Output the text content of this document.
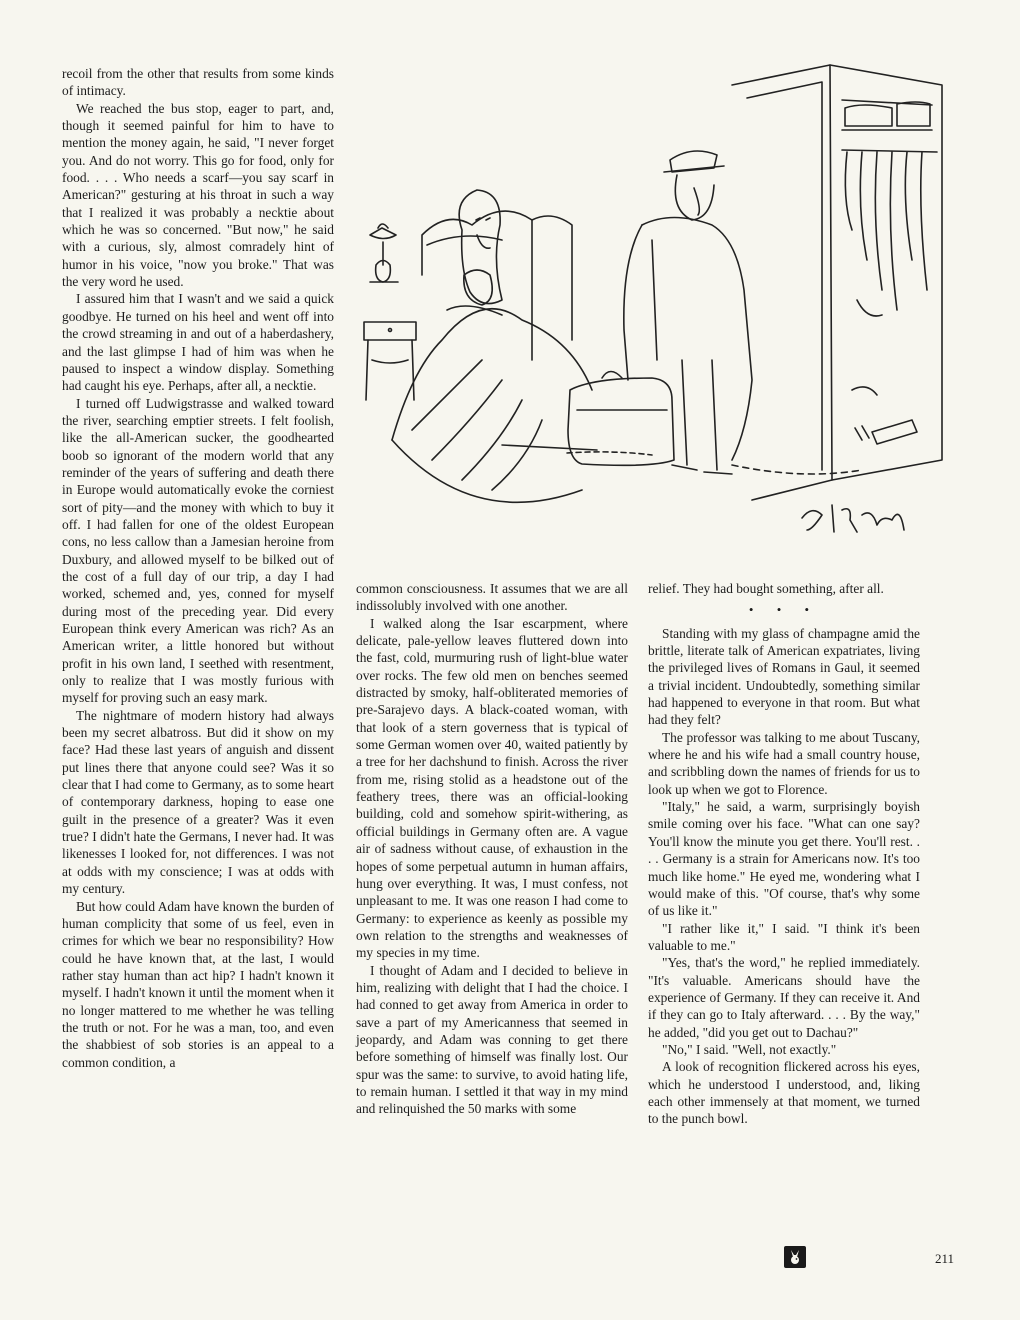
recoil from the other that results from some kinds of intimacy.

We reached the bus stop, eager to part, and, though it seemed painful for him to have to mention the money again, he said, "I never forget you. And do not worry. This go for food, only for food. . . . Who needs a scarf—you say scarf in American?" gesturing at his throat in such a way that I realized it was probably a necktie about which he was so concerned. "But now," he said with a curious, sly, almost comradely hint of humor in his voice, "now you broke." That was the very word he used.

I assured him that I wasn't and we said a quick goodbye. He turned on his heel and went off into the crowd streaming in and out of a haberdashery, and the last glimpse I had of him was when he paused to inspect a window display. Something had caught his eye. Perhaps, after all, a necktie.

I turned off Ludwigstrasse and walked toward the river, searching emptier streets. I felt foolish, like the all-American sucker, the goodhearted boob so ignorant of the modern world that any reminder of the years of suffering and death there in Europe would automatically evoke the corniest sort of pity—and the money with which to buy it off. I had fallen for one of the oldest European cons, no less callow than a Jamesian heroine from Duxbury, and allowed myself to be bilked out of the cost of a full day of our trip, a day I had worked, schemed and, yes, conned for myself during most of the preceding year. Did every European think every American was rich? As an American writer, a little honored but without profit in his own land, I seethed with resentment, only to realize that I was mostly furious with myself for proving such an easy mark.

The nightmare of modern history had always been my secret albatross. But did it show on my face? Had these last years of anguish and dissent put lines there that anyone could see? Was it so clear that I had come to Germany, as to some heart of contemporary darkness, hoping to ease one guilt in the presence of a greater? Was it even true? I didn't hate the Germans, I never had. It was likenesses I looked for, not differences. I was not at odds with my conscience; I was at odds with my century.

But how could Adam have known the burden of human complicity that some of us feel, even in crimes for which we bear no responsibility? How could he have known that, at the last, I would rather stay human than act hip? I hadn't known it myself. I hadn't known it until the moment when it no longer mattered to me whether he was telling the truth or not. For he was a man, too, and even the shabbiest of sob stories is an appeal to a common condition, a

common consciousness. It assumes that we are all indissolubly involved with one another.

I walked along the Isar escarpment, where delicate, pale-yellow leaves fluttered down into the fast, cold, murmuring rush of light-blue water over rocks. The few old men on benches seemed distracted by smoky, half-obliterated memories of pre-Sarajevo days. A black-coated woman, with that look of a stern governess that is typical of some German women over 40, waited patiently by a tree for her dachshund to finish. Across the river from me, rising stolid as a headstone out of the feathery trees, there was an official-looking building, cold and somehow spirit-withering, as official buildings in Germany often are. A vague air of sadness without cause, of exhaustion in the hopes of some perpetual autumn in human affairs, hung over everything. It was, I must confess, not unpleasant to me. It was one reason I had come to Germany: to experience as keenly as possible my own relation to the strengths and weaknesses of my species in my time.

I thought of Adam and I decided to believe in him, realizing with delight that I had the choice. I had conned to get away from America in order to save a part of my Americanness that seemed in jeopardy, and Adam was conning to get there before something of himself was finally lost. Our spur was the same: to survive, to avoid hating life, to remain human. I settled it that way in my mind and relinquished the 50 marks with some

relief. They had bought something, after all.

• • •

Standing with my glass of champagne amid the brittle, literate talk of American expatriates, living the privileged lives of Romans in Gaul, it seemed a trivial incident. Undoubtedly, something similar had happened to everyone in that room. But what had they felt?

The professor was talking to me about Tuscany, where he and his wife had a small country house, and scribbling down the names of friends for us to look up when we got to Florence.

"Italy," he said, a warm, surprisingly boyish smile coming over his face. "What can one say? You'll know the minute you get there. You'll rest. . . . Germany is a strain for Americans now. It's too much like home." He eyed me, wondering what I would make of this. "Of course, that's why some of us like it."

"I rather like it," I said. "I think it's been valuable to me."

"Yes, that's the word," he replied immediately. "It's valuable. Americans should have the experience of Germany. If they can receive it. And if they can go to Italy afterward. . . . By the way," he added, "did you get out to Dachau?"

"No," I said. "Well, not exactly."

A look of recognition flickered across his eyes, which he understood I understood, and, liking each other immensely at that moment, we turned to the punch bowl.

211
